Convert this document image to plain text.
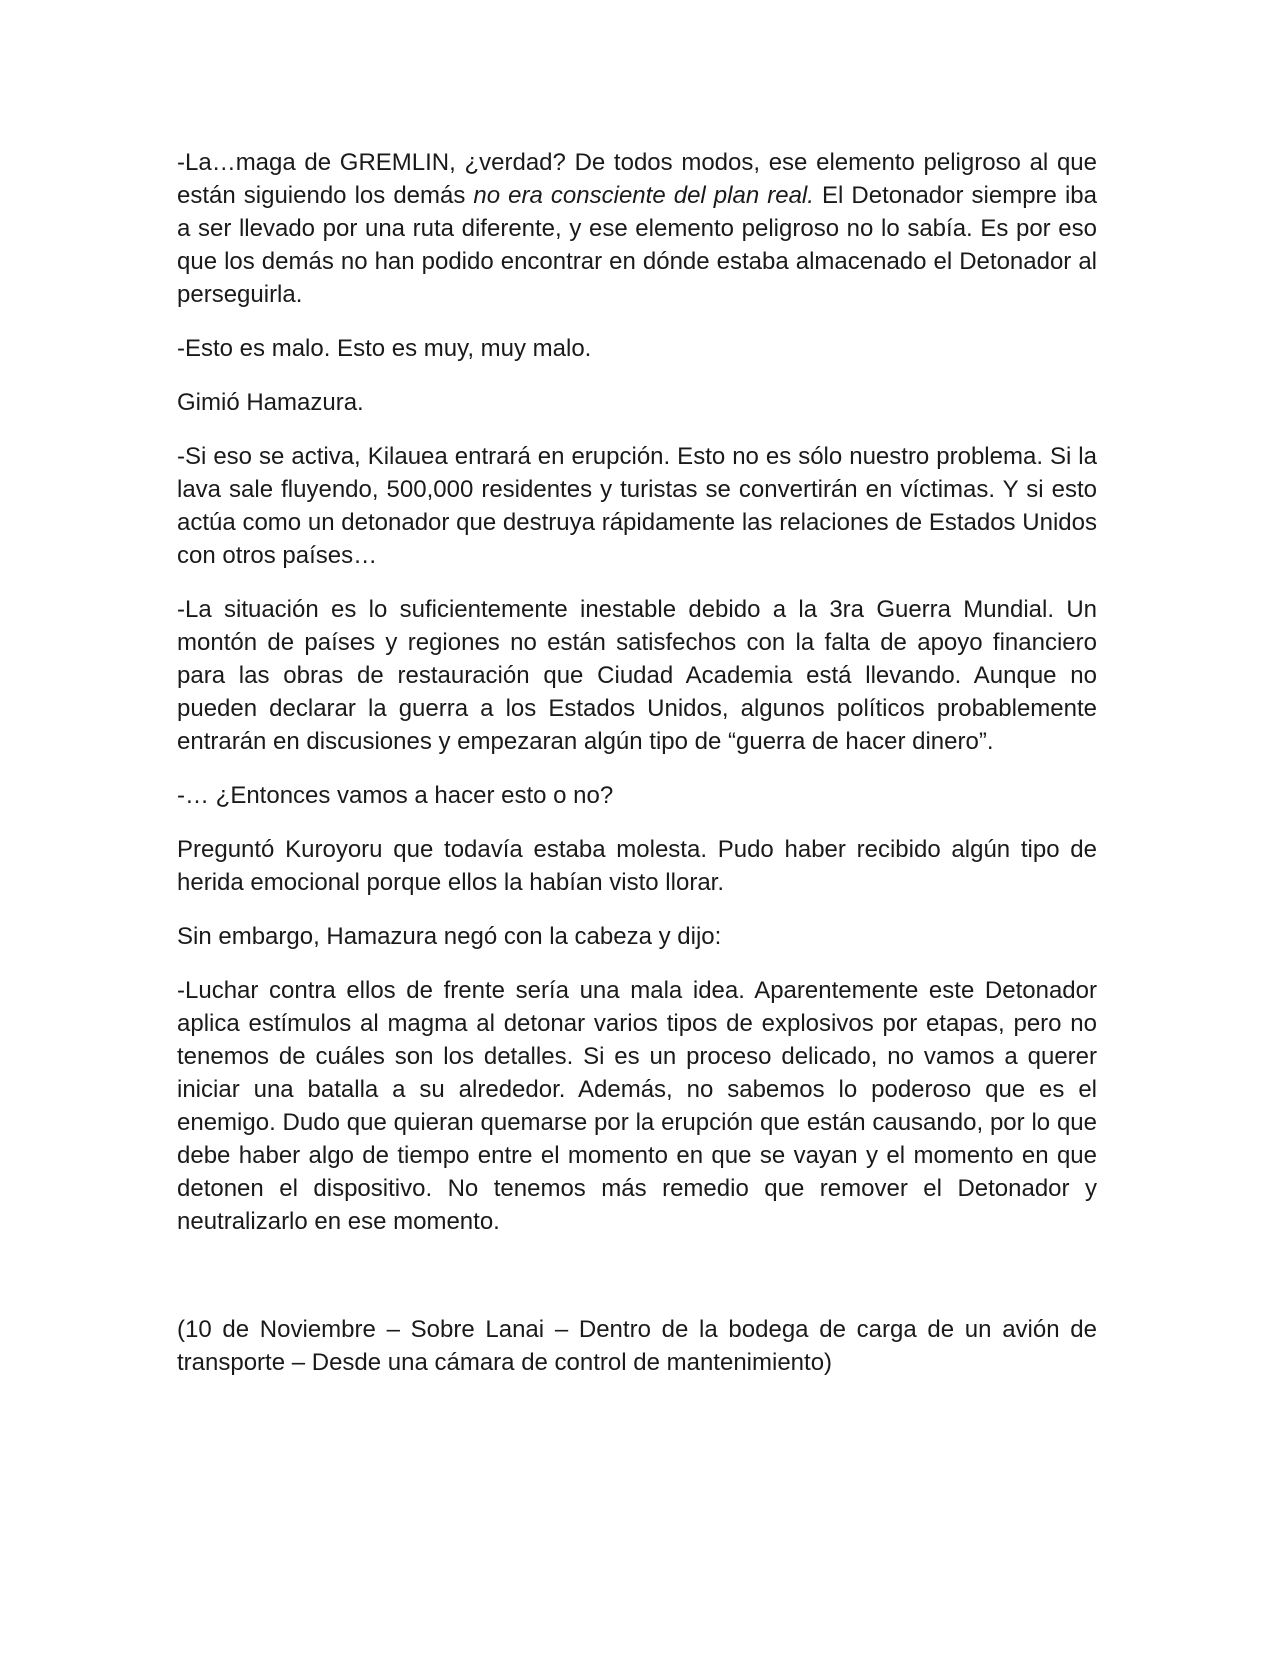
-La…maga de GREMLIN, ¿verdad? De todos modos, ese elemento peligroso al que están siguiendo los demás no era consciente del plan real. El Detonador siempre iba a ser llevado por una ruta diferente, y ese elemento peligroso no lo sabía. Es por eso que los demás no han podido encontrar en dónde estaba almacenado el Detonador al perseguirla.

-Esto es malo. Esto es muy, muy malo.

Gimió Hamazura.

-Si eso se activa, Kilauea entrará en erupción. Esto no es sólo nuestro problema. Si la lava sale fluyendo, 500,000 residentes y turistas se convertirán en víctimas. Y si esto actúa como un detonador que destruya rápidamente las relaciones de Estados Unidos con otros países…

-La situación es lo suficientemente inestable debido a la 3ra Guerra Mundial. Un montón de países y regiones no están satisfechos con la falta de apoyo financiero para las obras de restauración que Ciudad Academia está llevando. Aunque no pueden declarar la guerra a los Estados Unidos, algunos políticos probablemente entrarán en discusiones y empezaran algún tipo de “guerra de hacer dinero”.

-… ¿Entonces vamos a hacer esto o no?

Preguntó Kuroyoru que todavía estaba molesta. Pudo haber recibido algún tipo de herida emocional porque ellos la habían visto llorar.

Sin embargo, Hamazura negó con la cabeza y dijo:

-Luchar contra ellos de frente sería una mala idea. Aparentemente este Detonador aplica estímulos al magma al detonar varios tipos de explosivos por etapas, pero no tenemos de cuáles son los detalles. Si es un proceso delicado, no vamos a querer iniciar una batalla a su alrededor. Además, no sabemos lo poderoso que es el enemigo. Dudo que quieran quemarse por la erupción que están causando, por lo que debe haber algo de tiempo entre el momento en que se vayan y el momento en que detonen el dispositivo. No tenemos más remedio que remover el Detonador y neutralizarlo en ese momento.

(10 de Noviembre – Sobre Lanai – Dentro de la bodega de carga de un avión de transporte – Desde una cámara de control de mantenimiento)
